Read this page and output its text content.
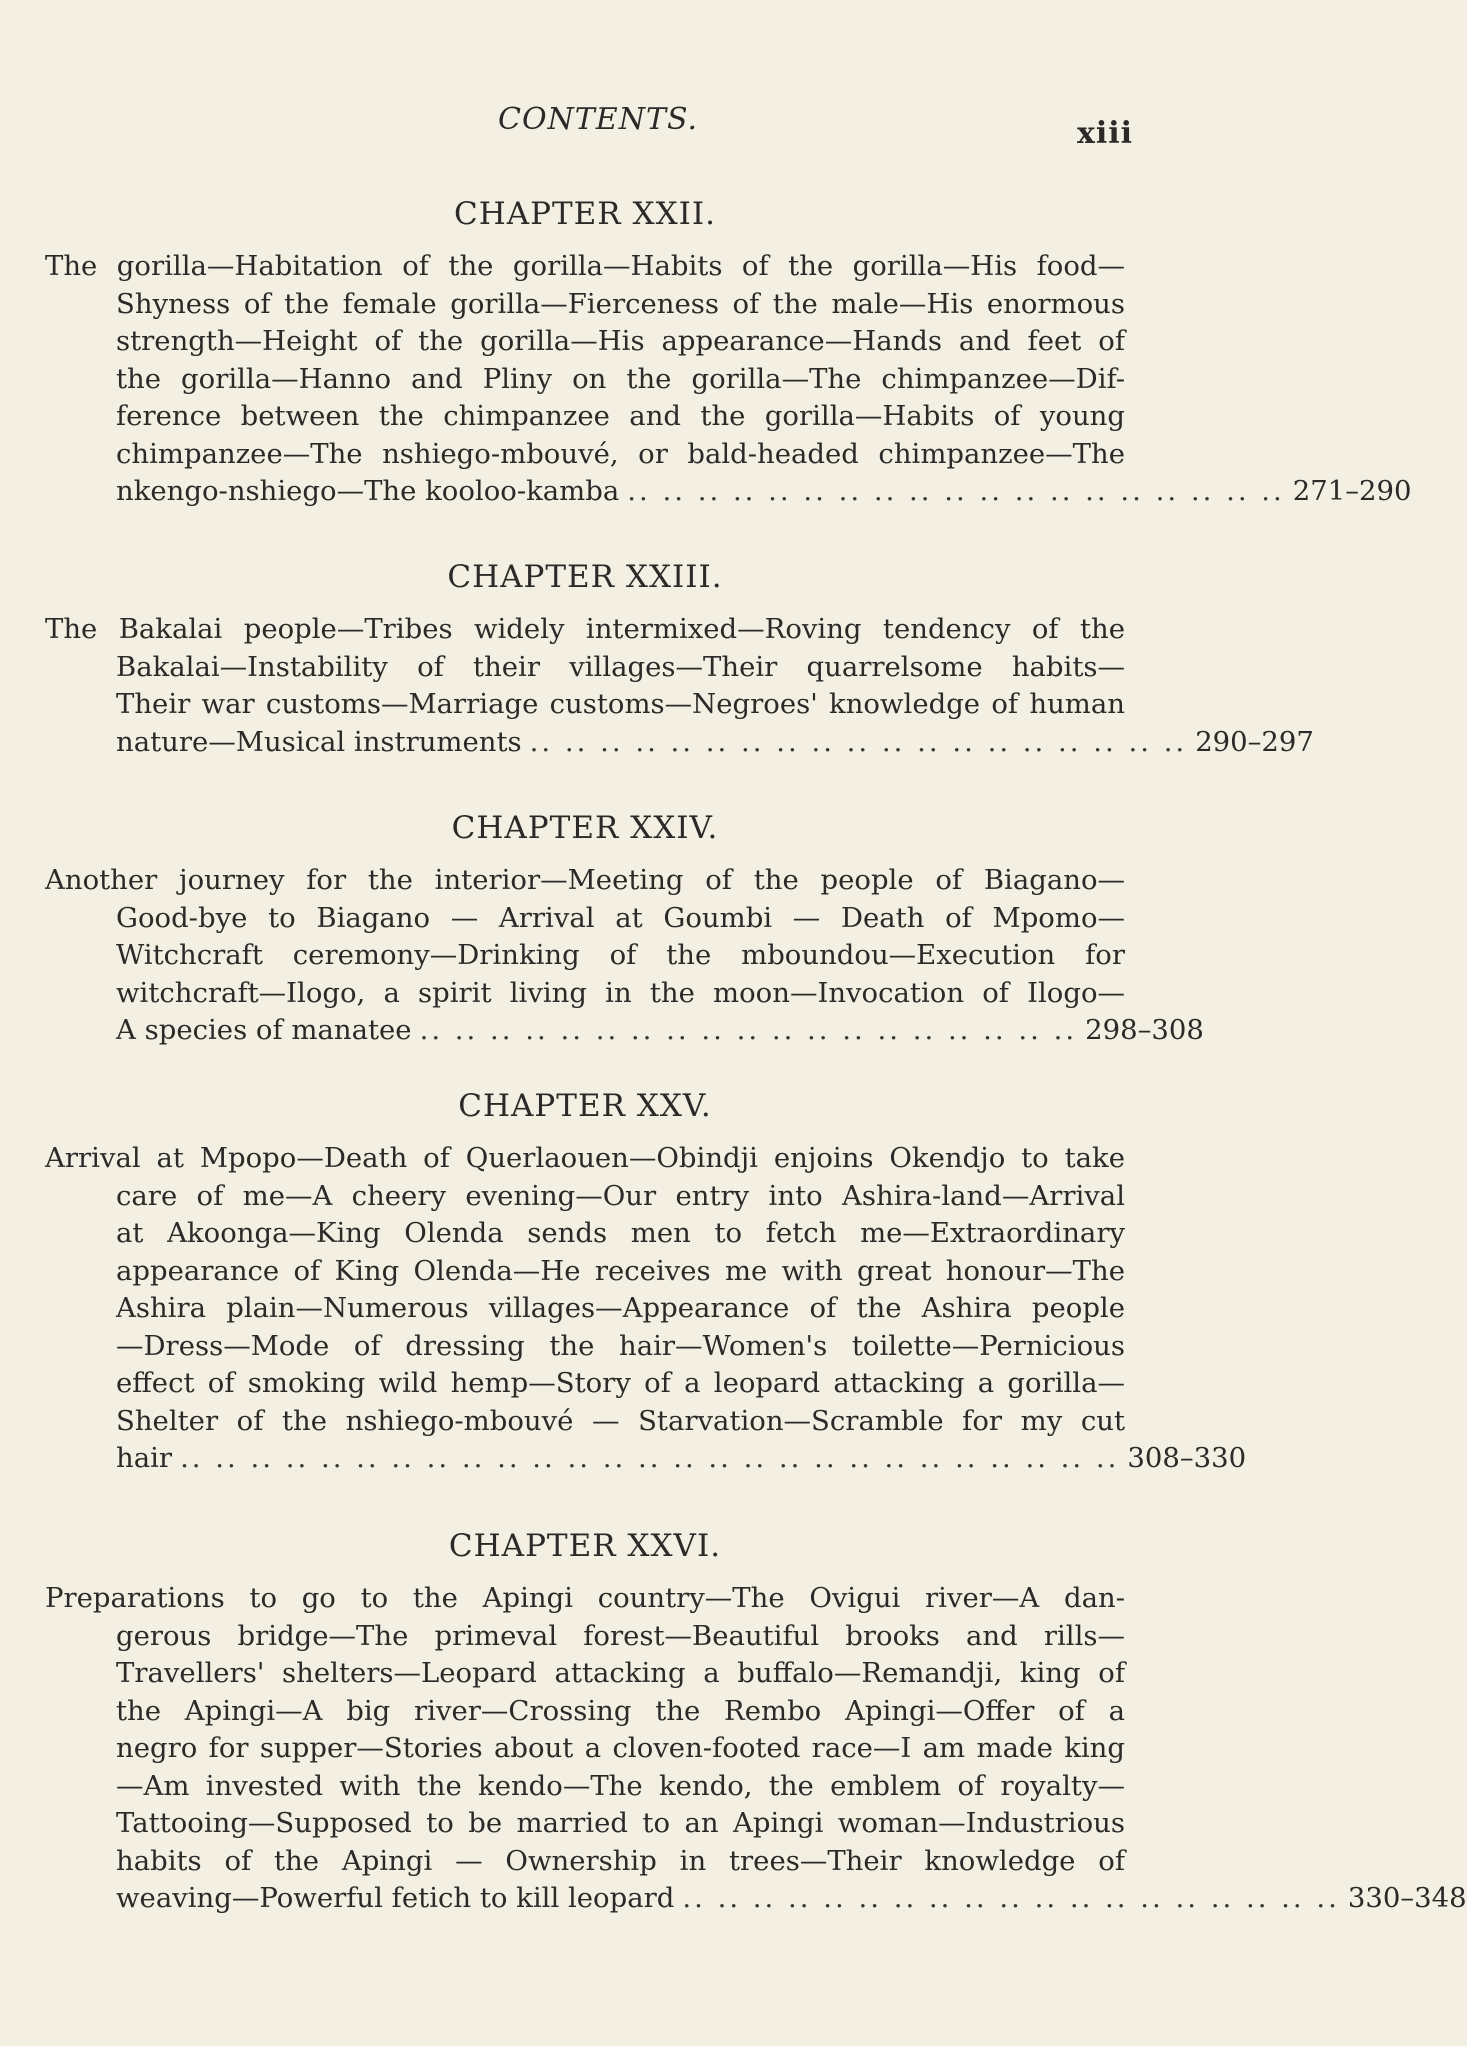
CONTENTS.	xiii
CHAPTER XXII.
The gorilla—Habitation of the gorilla—Habits of the gorilla—His food—
Shyness of the female gorilla—Fierceness of the male—His enormous
strength—Height of the gorilla—His appearance—Hands and feet of
the gorilla—Hanno and Pliny on the gorilla—The chimpanzee—Dif-
ference between the chimpanzee and the gorilla—Habits of young
chimpanzee—The nshiego-mbouvé, or bald-headed chimpanzee—The
nkengo-nshiego—The kooloo-kamba .. .. .. .. .. .. .. .. .. .. .. .. .. .. .. .. .. .. .. 271–290
CHAPTER XXIII.
The Bakalai people—Tribes widely intermixed—Roving tendency of the
Bakalai—Instability of their villages—Their quarrelsome habits—
Their war customs—Marriage customs—Negroes' knowledge of human
nature—Musical instruments .. .. .. .. .. .. .. .. .. .. .. .. .. .. .. .. .. .. .. 290–297
CHAPTER XXIV.
Another journey for the interior—Meeting of the people of Biagano—
Good-bye to Biagano — Arrival at Goumbi — Death of Mpomo—
Witchcraft ceremony—Drinking of the mboundou—Execution for
witchcraft—Ilogo, a spirit living in the moon—Invocation of Ilogo—
A species of manatee .. .. .. .. .. .. .. .. .. .. .. .. .. .. .. .. .. .. .. 298–308
CHAPTER XXV.
Arrival at Mpopo—Death of Querlaouen—Obindji enjoins Okendjo to take
care of me—A cheery evening—Our entry into Ashira-land—Arrival
at Akoonga—King Olenda sends men to fetch me—Extraordinary
appearance of King Olenda—He receives me with great honour—The
Ashira plain—Numerous villages—Appearance of the Ashira people
—Dress—Mode of dressing the hair—Women's toilette—Pernicious
effect of smoking wild hemp—Story of a leopard attacking a gorilla—
Shelter of the nshiego-mbouvé — Starvation—Scramble for my cut
hair .. .. .. .. .. .. .. .. .. .. .. .. .. .. .. .. .. .. .. .. .. .. .. .. .. .. .. 308–330
CHAPTER XXVI.
Preparations to go to the Apingi country—The Ovigui river—A dan-
gerous bridge—The primeval forest—Beautiful brooks and rills—
Travellers' shelters—Leopard attacking a buffalo—Remandji, king of
the Apingi—A big river—Crossing the Rembo Apingi—Offer of a
negro for supper—Stories about a cloven-footed race—I am made king
—Am invested with the kendo—The kendo, the emblem of royalty—
Tattooing—Supposed to be married to an Apingi woman—Industrious
habits of the Apingi — Ownership in trees—Their knowledge of
weaving—Powerful fetich to kill leopard .. .. .. .. .. .. .. .. .. .. .. .. .. .. .. .. .. .. .. 330–348
